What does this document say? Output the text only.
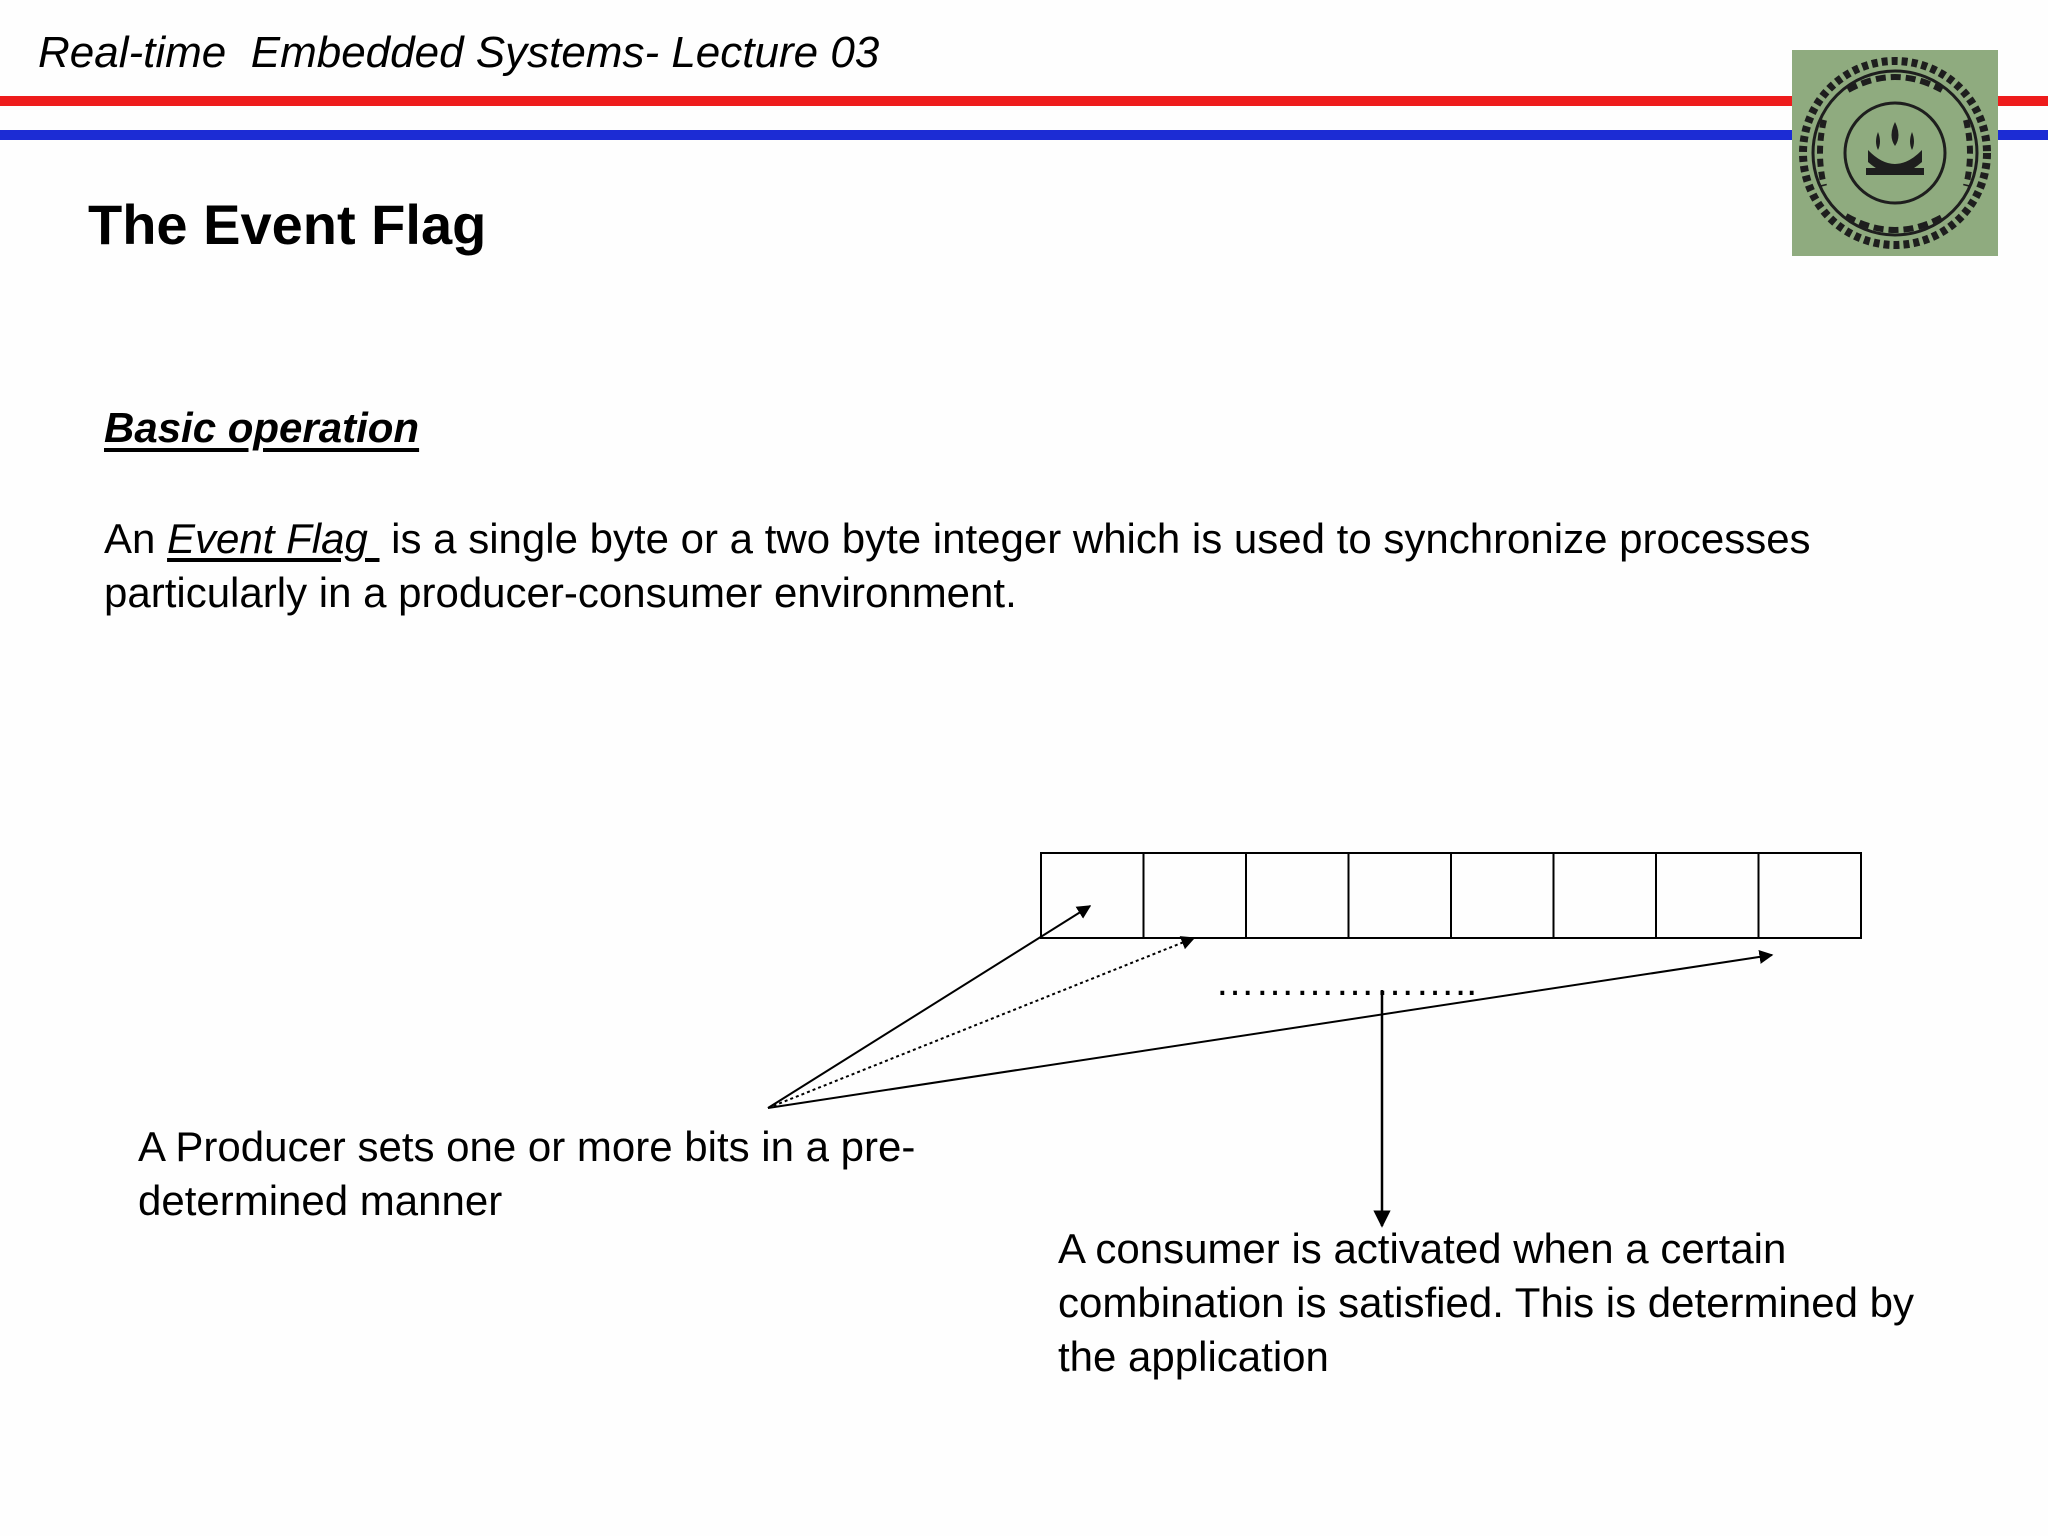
Real-time  Embedded Systems- Lecture 03
The Event Flag
Basic operation
An Event Flag  is a single byte or a two byte integer which is used to synchronize processes particularly in a producer-consumer environment.
………………..
A Producer sets one or more bits in a pre-determined manner
A consumer is activated when a certain combination is satisfied. This is determined by the application
